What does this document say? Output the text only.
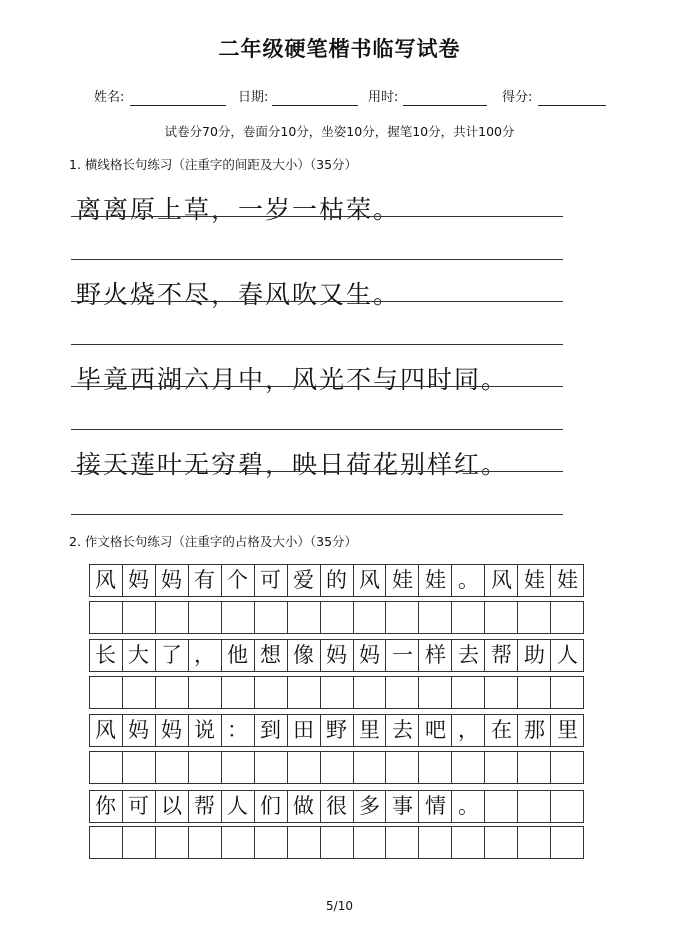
二年级硬笔楷书临写试卷
姓名:	日期:	用时:	得分:
试卷分70分，卷面分10分，坐姿10分，握笔10分，共计100分
1. 横线格长句练习（注重字的间距及大小）（35分）
离离原上草，一岁一枯荣。
野火烧不尽，春风吹又生。
毕竟西湖六月中，风光不与四时同。
接天莲叶无穷碧，映日荷花别样红。
2. 作文格长句练习（注重字的占格及大小）（35分）
风 妈 妈 有 个 可 爱 的 风 娃 娃 。 风 娃 娃
长 大 了 ， 他 想 像 妈 妈 一 样 去 帮 助 人
风 妈 妈 说 ： 到 田 野 里 去 吧 ， 在 那 里
你 可 以 帮 人 们 做 很 多 事 情 。
5/10
